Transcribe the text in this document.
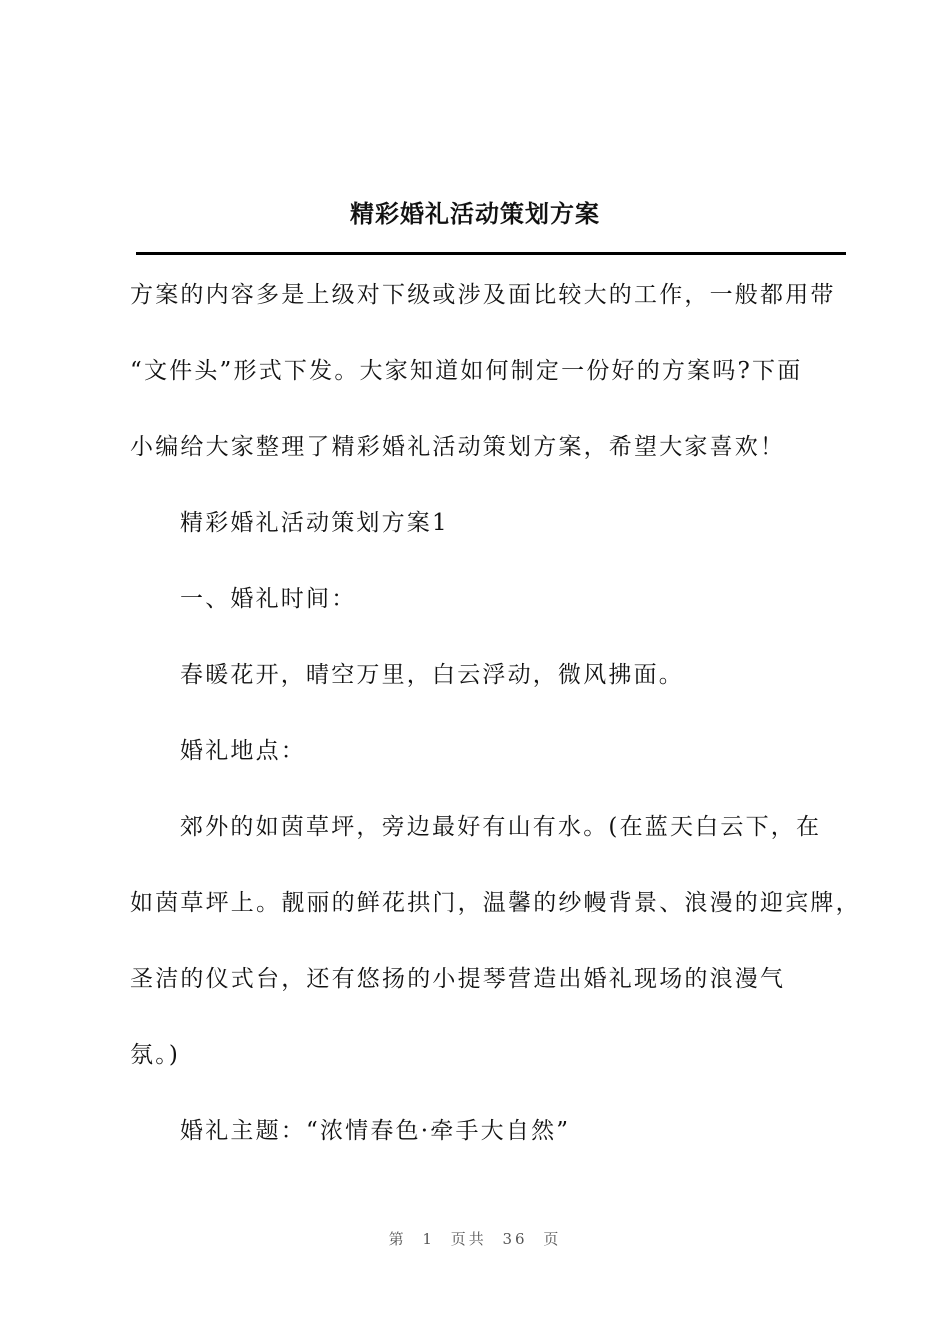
精彩婚礼活动策划方案

方案的内容多是上级对下级或涉及面比较大的工作，一般都用带

“文件头”形式下发。大家知道如何制定一份好的方案吗?下面

小编给大家整理了精彩婚礼活动策划方案，希望大家喜欢！

精彩婚礼活动策划方案1

一、婚礼时间：

春暖花开，晴空万里，白云浮动，微风拂面。

婚礼地点：

郊外的如茵草坪，旁边最好有山有水。(在蓝天白云下，在

如茵草坪上。靓丽的鲜花拱门，温馨的纱幔背景、浪漫的迎宾牌，

圣洁的仪式台，还有悠扬的小提琴营造出婚礼现场的浪漫气

氛。)

婚礼主题：“浓情春色·牵手大自然”

第 1 页共 36 页
